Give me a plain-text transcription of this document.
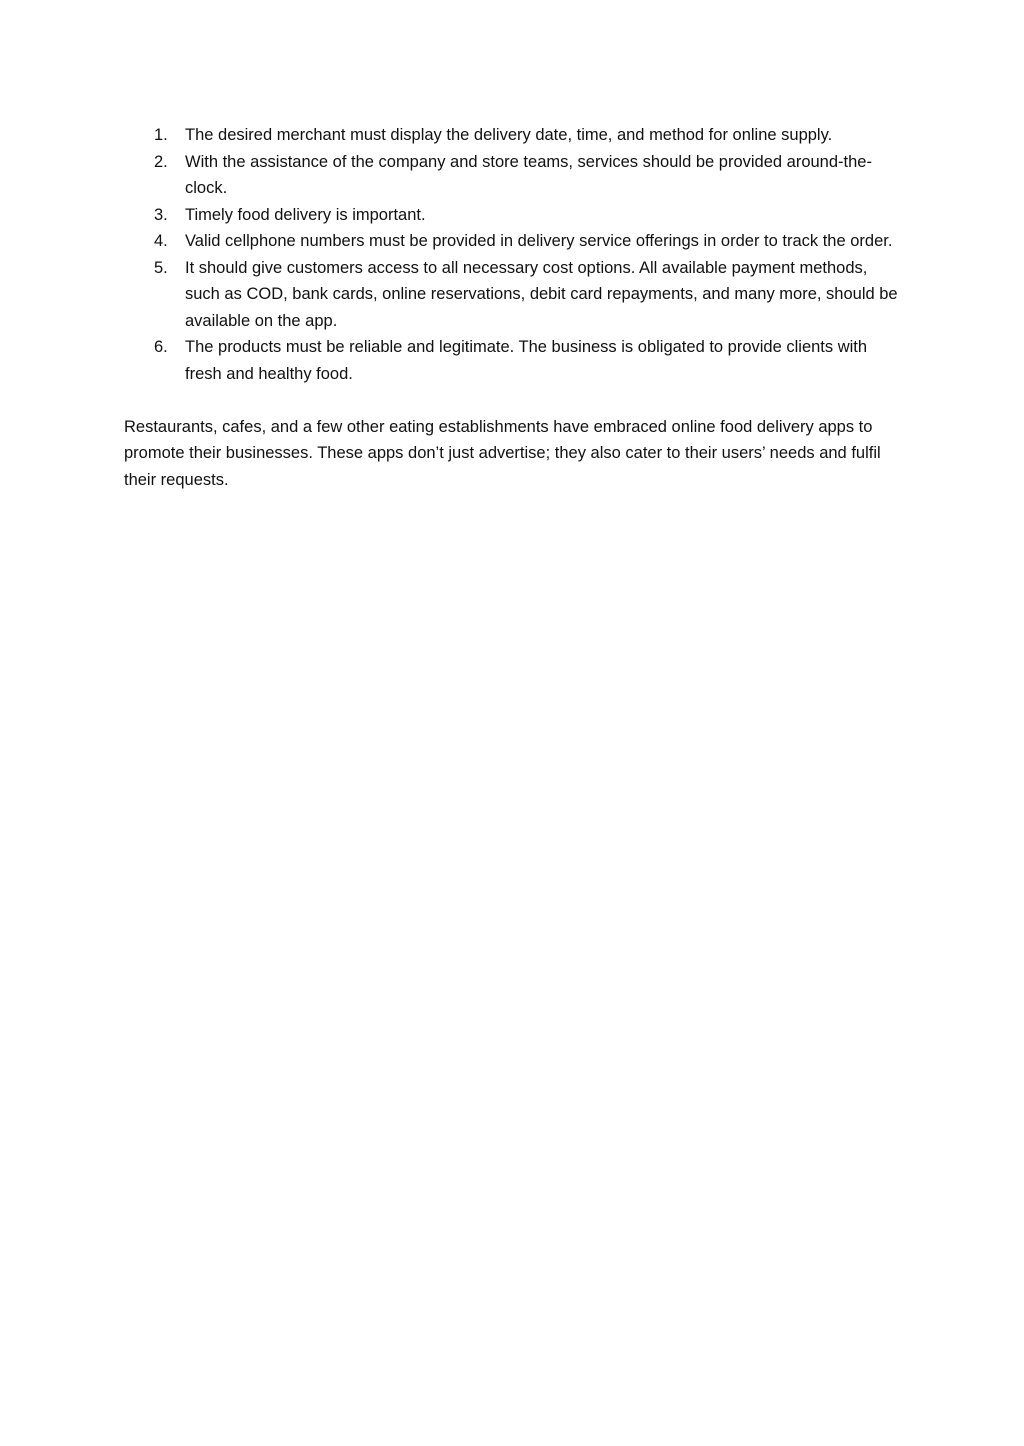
1.	The desired merchant must display the delivery date, time, and method for online supply.
2.	With the assistance of the company and store teams, services should be provided around-the-clock.
3.	Timely food delivery is important.
4.	Valid cellphone numbers must be provided in delivery service offerings in order to track the order.
5.	It should give customers access to all necessary cost options. All available payment methods, such as COD, bank cards, online reservations, debit card repayments, and many more, should be available on the app.
6.	The products must be reliable and legitimate. The business is obligated to provide clients with fresh and healthy food.

Restaurants, cafes, and a few other eating establishments have embraced online food delivery apps to promote their businesses. These apps don’t just advertise; they also cater to their users’ needs and fulfil their requests.
